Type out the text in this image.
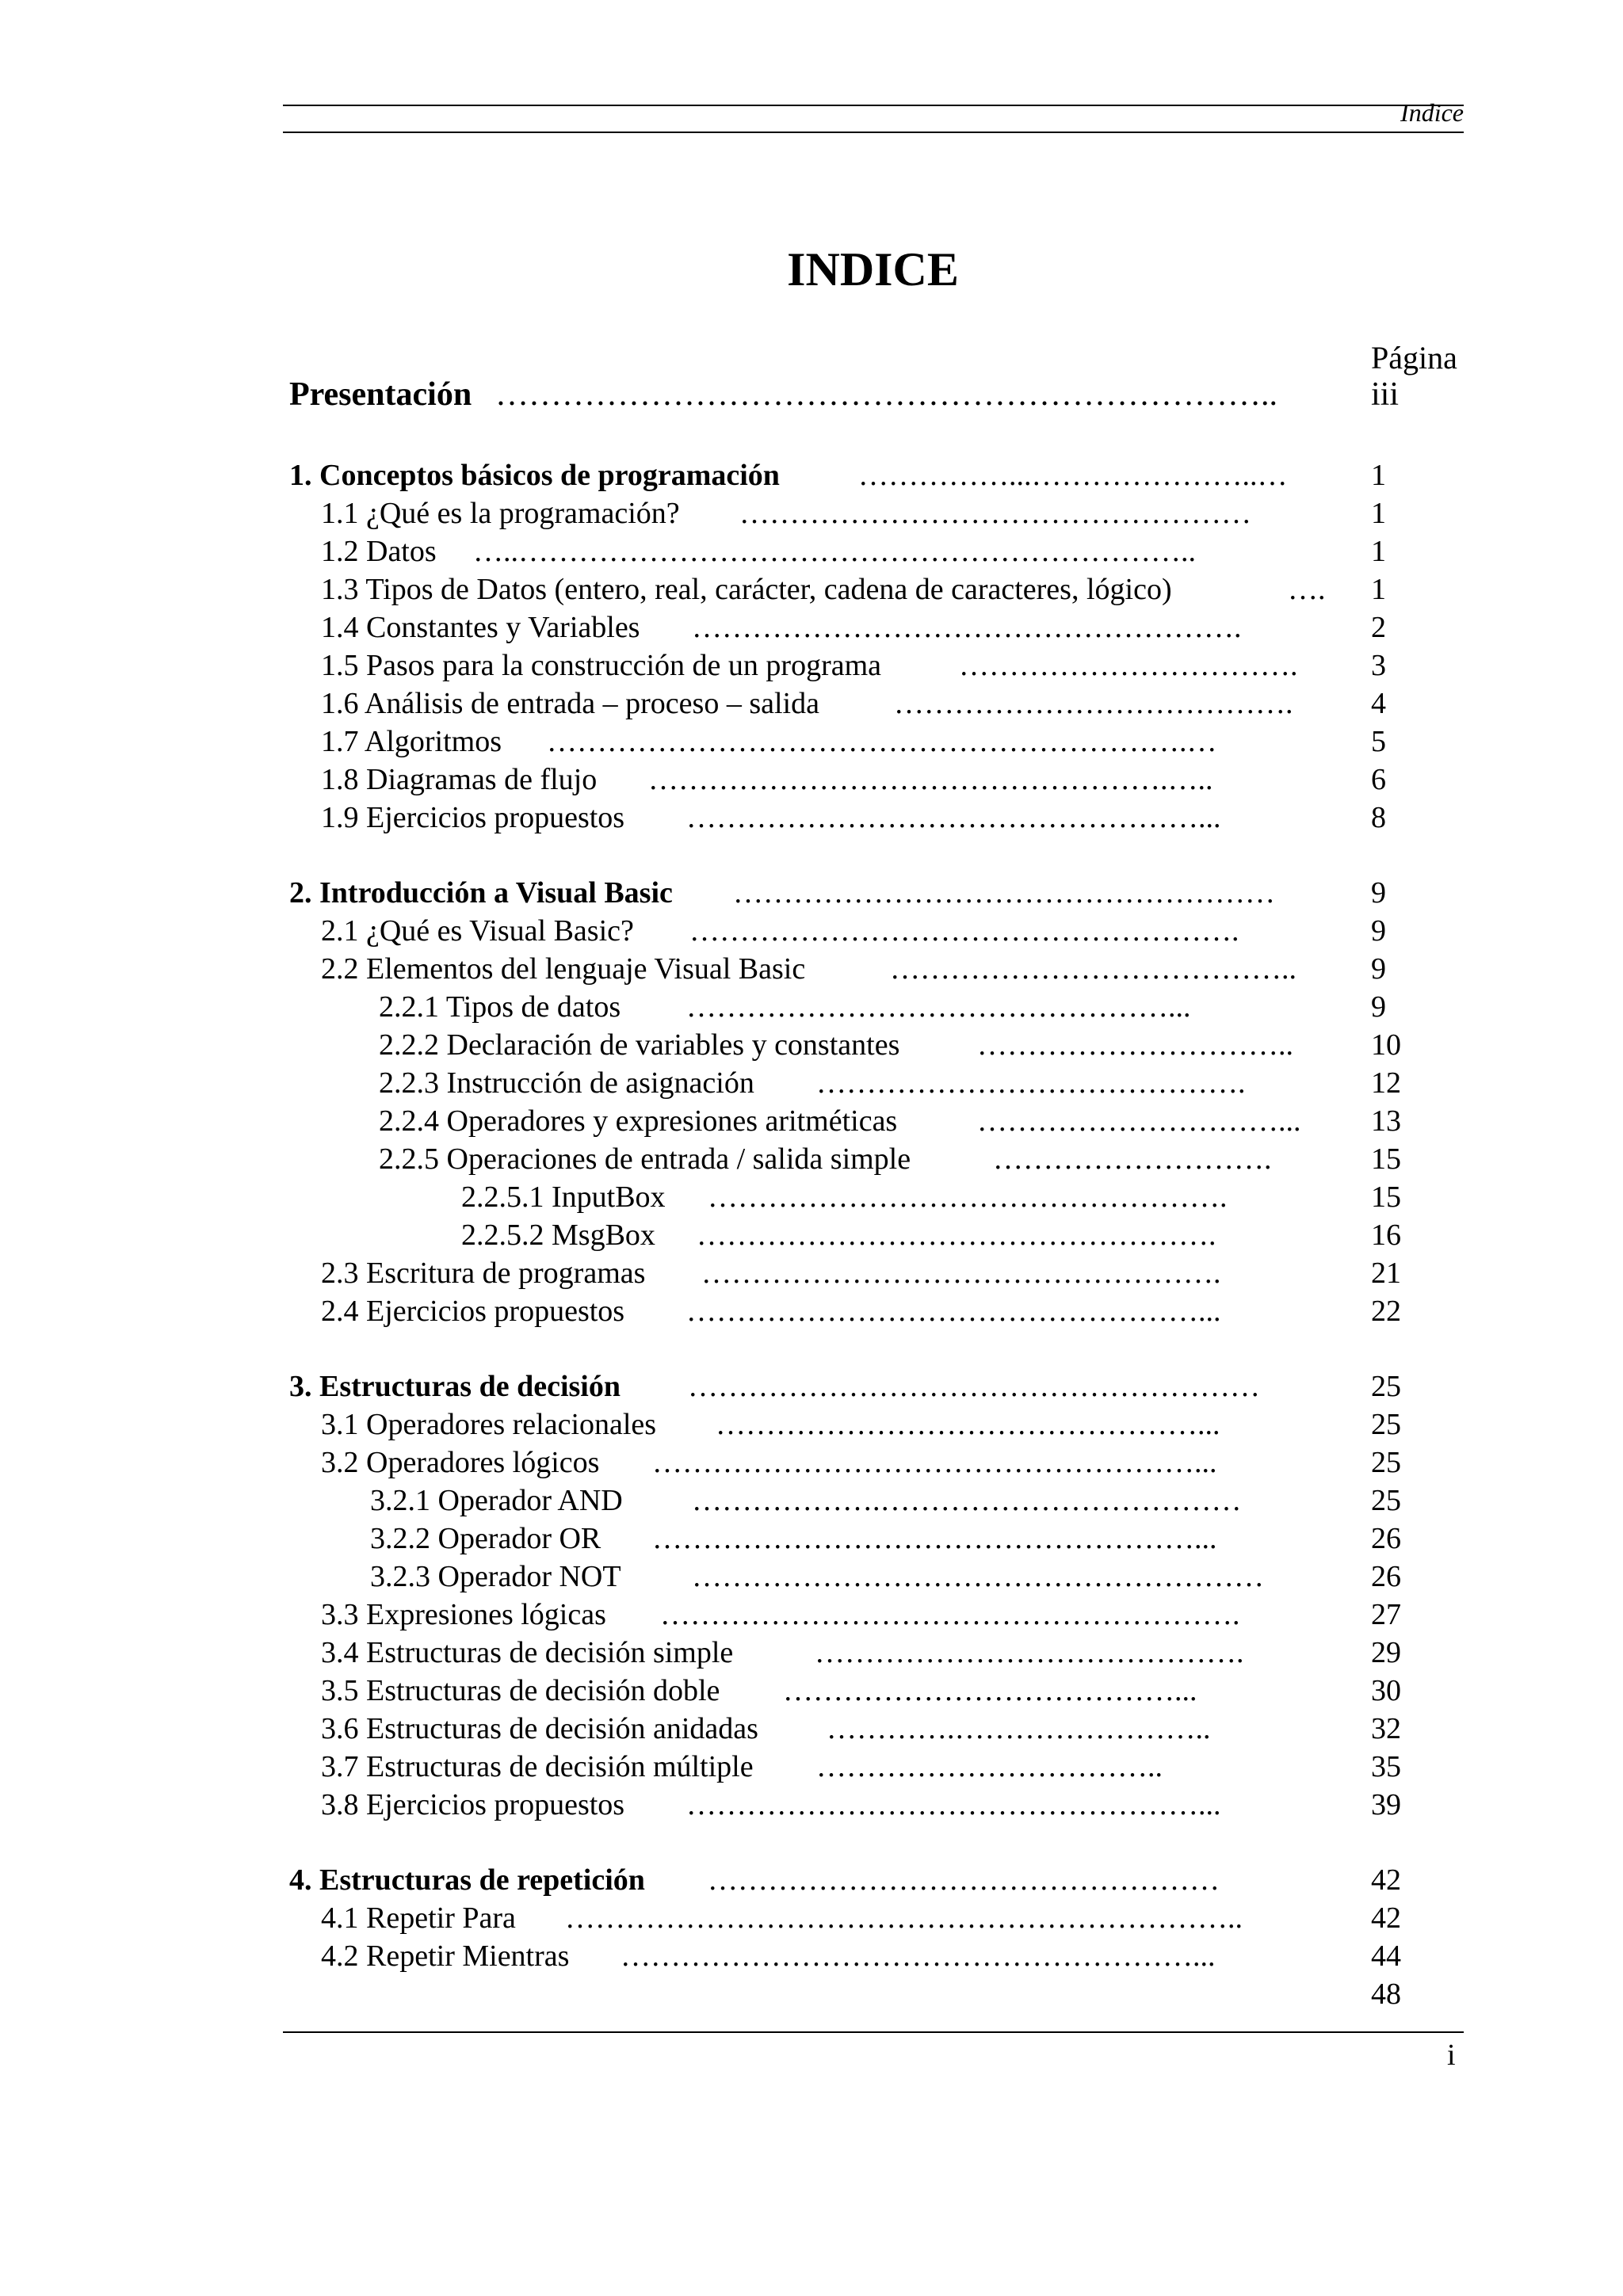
Indice
INDICE
Página
Presentación ……………………………………………………………..	iii
1. Conceptos básicos de programación	……………...…………………..…	1
1.1 ¿Qué es la programación? ……………………………………………	1
1.2 Datos …..…………………………………………………………..	1
1.3 Tipos de Datos (entero, real, carácter, cadena de caracteres, lógico)	…. 1
1.4 Constantes y Variables ……………………………………………….	2
1.5 Pasos para la construcción de un programa	……………………………. 3
1.6 Análisis de entrada – proceso – salida ………………………………….	4
1.7 Algoritmos ……………………………………………………….…	5
1.8 Diagramas de flujo …………………………………………….…..	6
1.9 Ejercicios propuestos ……………………………………………...	8
2. Introducción a Visual Basic ………………………………………………	9
2.1 ¿Qué es Visual Basic? ……………………………………………….	9
2.2 Elementos del lenguaje Visual Basic	………………………………….. 9
2.2.1 Tipos de datos …………………………………………...	9
2.2.2 Declaración de variables y constantes	…………………………..	10
2.2.3 Instrucción de asignación …………………………………….	12
2.2.4 Operadores y expresiones aritméticas	…………………………... 13
2.2.5 Operaciones de entrada / salida simple	……………………….	15
2.2.5.1 InputBox …………………………………………….	15
2.2.5.2 MsgBox …………………………………………….	16
2.3 Escritura de programas …………………………………………….	21
2.4 Ejercicios propuestos ……………………………………………...	22
3. Estructuras de decisión …………………………………………………	25
3.1 Operadores relacionales …………………………………………...	25
3.2 Operadores lógicos ………………………………………………...	25
3.2.1 Operador AND ……………….………………………………	25
3.2.2 Operador OR ………………………………………………...	26
3.2.3 Operador NOT …………………………………………………	26
3.3 Expresiones lógicas ………………………………………………….	27
3.4 Estructuras de decisión simple	…………………………………….	29
3.5 Estructuras de decisión doble …………………………………...	30
3.6 Estructuras de decisión anidadas ………….……………………..	32
3.7 Estructuras de decisión múltiple ……………………………..	35
3.8 Ejercicios propuestos ……………………………………………...	39
4. Estructuras de repetición ……………………………………………	42
4.1 Repetir Para …………………………………………………………..	42
4.2 Repetir Mientras …………………………………………………...	44
48
i
